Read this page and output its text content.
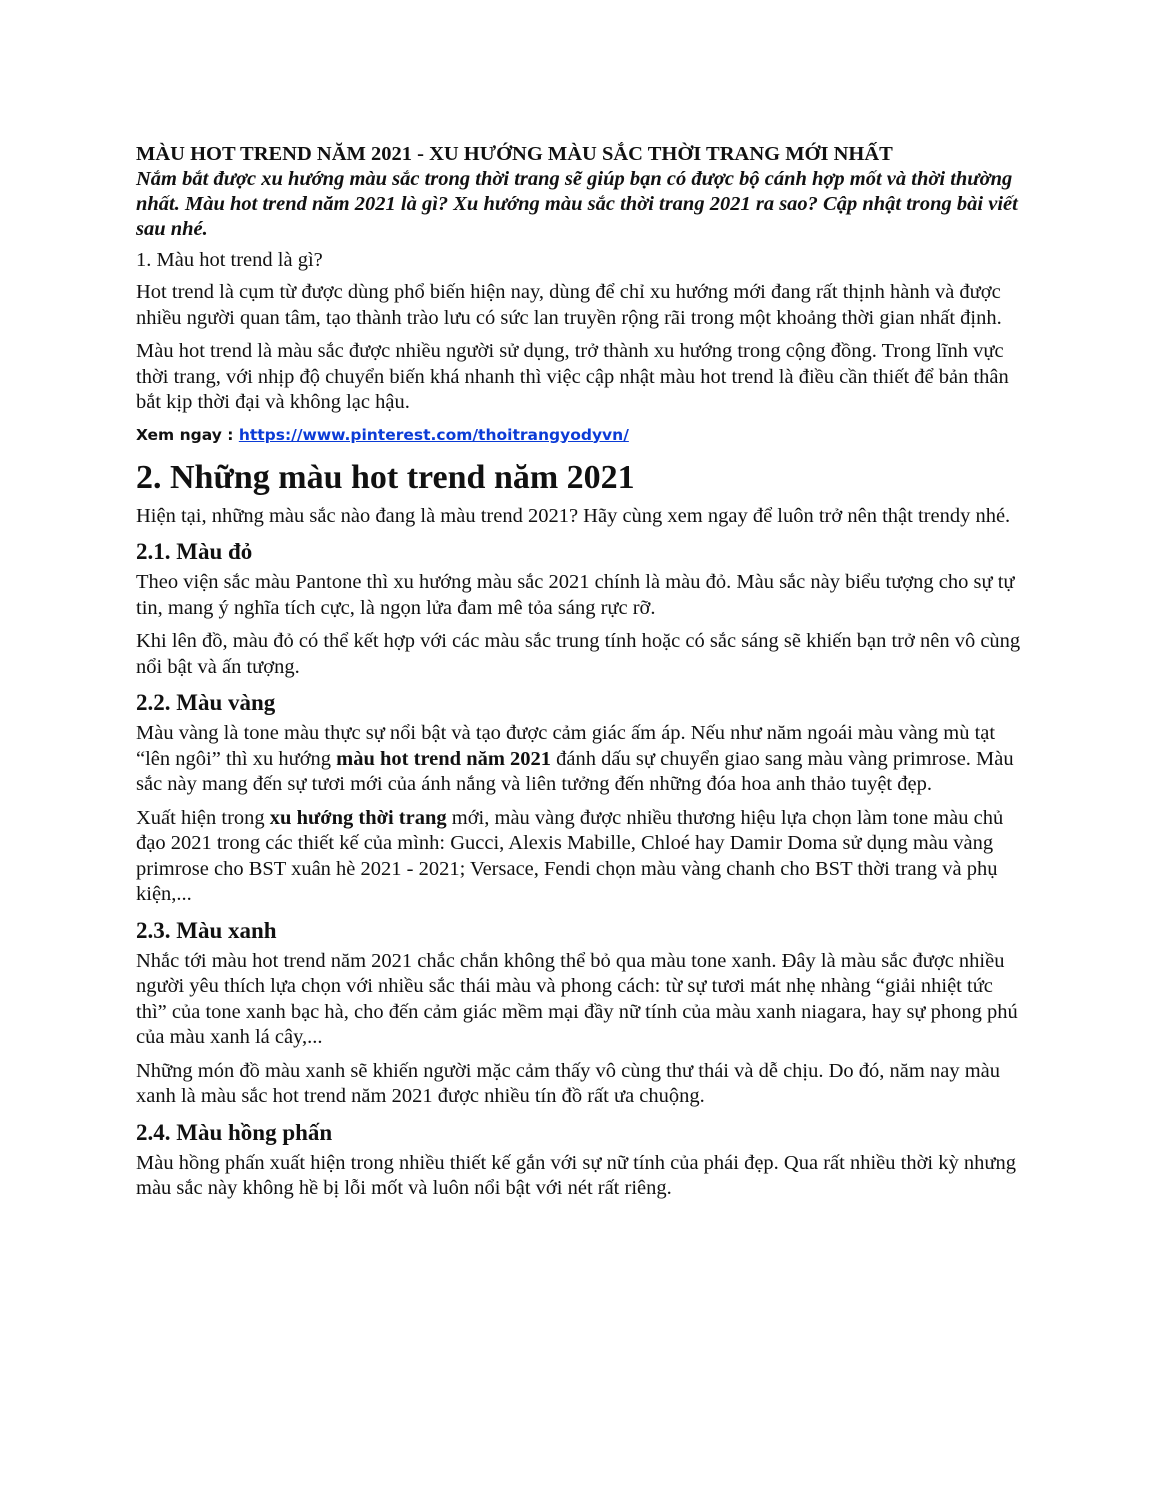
MÀU HOT TREND NĂM 2021 - XU HƯỚNG MÀU SẮC THỜI TRANG MỚI NHẤT

Nắm bắt được xu hướng màu sắc trong thời trang sẽ giúp bạn có được bộ cánh hợp mốt và thời thường nhất. Màu hot trend năm 2021 là gì? Xu hướng màu sắc thời trang 2021 ra sao? Cập nhật trong bài viết sau nhé.

1. Màu hot trend là gì?

Hot trend là cụm từ được dùng phổ biến hiện nay, dùng để chỉ xu hướng mới đang rất thịnh hành và được nhiều người quan tâm, tạo thành trào lưu có sức lan truyền rộng rãi trong một khoảng thời gian nhất định.

Màu hot trend là màu sắc được nhiều người sử dụng, trở thành xu hướng trong cộng đồng. Trong lĩnh vực thời trang, với nhịp độ chuyển biến khá nhanh thì việc cập nhật màu hot trend là điều cần thiết để bản thân bắt kịp thời đại và không lạc hậu.

Xem ngay : https://www.pinterest.com/thoitrangyodyvn/

2. Những màu hot trend năm 2021

Hiện tại, những màu sắc nào đang là màu trend 2021? Hãy cùng xem ngay để luôn trở nên thật trendy nhé.

2.1. Màu đỏ

Theo viện sắc màu Pantone thì xu hướng màu sắc 2021 chính là màu đỏ. Màu sắc này biểu tượng cho sự tự tin, mang ý nghĩa tích cực, là ngọn lửa đam mê tỏa sáng rực rỡ.

Khi lên đồ, màu đỏ có thể kết hợp với các màu sắc trung tính hoặc có sắc sáng sẽ khiến bạn trở nên vô cùng nổi bật và ấn tượng.

2.2. Màu vàng

Màu vàng là tone màu thực sự nổi bật và tạo được cảm giác ấm áp. Nếu như năm ngoái màu vàng mù tạt “lên ngôi” thì xu hướng màu hot trend năm 2021 đánh dấu sự chuyển giao sang màu vàng primrose. Màu sắc này mang đến sự tươi mới của ánh nắng và liên tưởng đến những đóa hoa anh thảo tuyệt đẹp.

Xuất hiện trong xu hướng thời trang mới, màu vàng được nhiều thương hiệu lựa chọn làm tone màu chủ đạo 2021 trong các thiết kế của mình: Gucci, Alexis Mabille, Chloé hay Damir Doma sử dụng màu vàng primrose cho BST xuân hè 2021 - 2021; Versace, Fendi chọn màu vàng chanh cho BST thời trang và phụ kiện,...

2.3. Màu xanh

Nhắc tới màu hot trend năm 2021 chắc chắn không thể bỏ qua màu tone xanh. Đây là màu sắc được nhiều người yêu thích lựa chọn với nhiều sắc thái màu và phong cách: từ sự tươi mát nhẹ nhàng “giải nhiệt tức thì” của tone xanh bạc hà, cho đến cảm giác mềm mại đầy nữ tính của màu xanh niagara, hay sự phong phú của màu xanh lá cây,...

Những món đồ màu xanh sẽ khiến người mặc cảm thấy vô cùng thư thái và dễ chịu. Do đó, năm nay màu xanh là màu sắc hot trend năm 2021 được nhiều tín đồ rất ưa chuộng.

2.4. Màu hồng phấn

Màu hồng phấn xuất hiện trong nhiều thiết kế gắn với sự nữ tính của phái đẹp. Qua rất nhiều thời kỳ nhưng màu sắc này không hề bị lỗi mốt và luôn nổi bật với nét rất riêng.
